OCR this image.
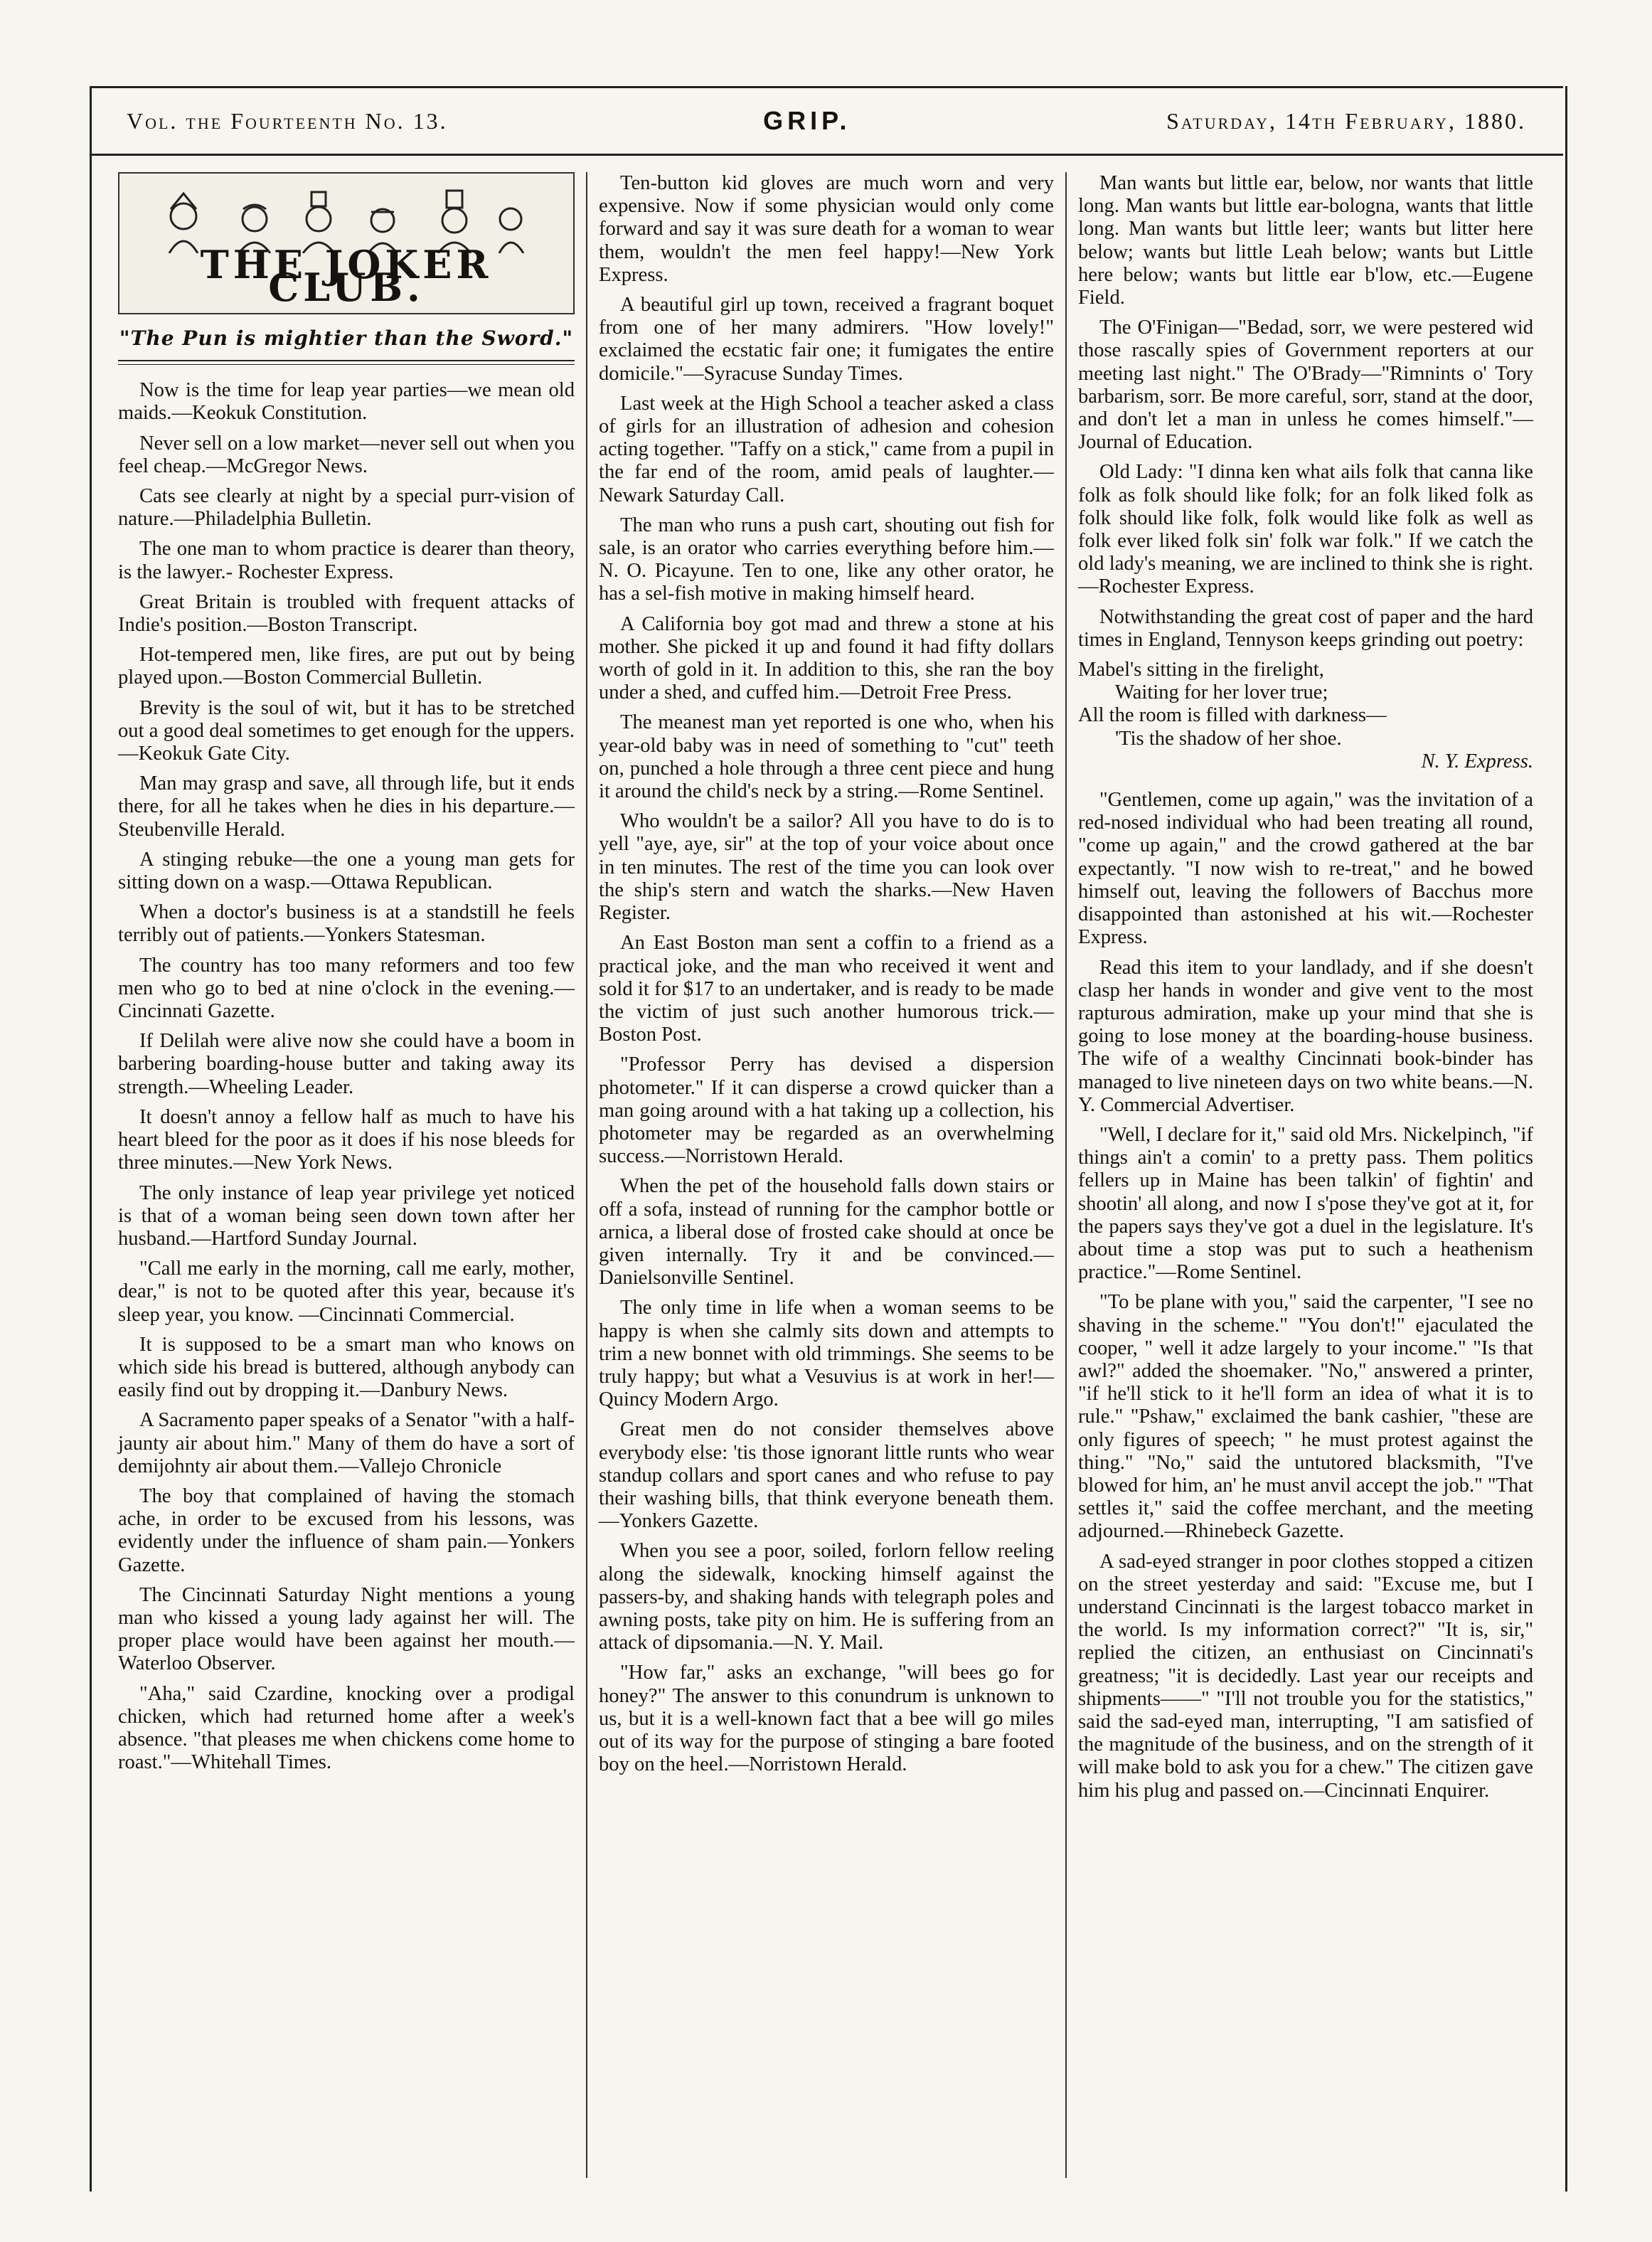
Vol. the Fourteenth No. 13.	GRIP.	Saturday, 14th February, 1880.
THE JOKER CLUB.
"The Pun is mightier than the Sword."

Now is the time for leap year parties—we mean old maids.—Keokuk Constitution.

Never sell on a low market—never sell out when you feel cheap.—McGregor News.

Cats see clearly at night by a special purr-vision of nature.—Philadelphia Bulletin.

The one man to whom practice is dearer than theory, is the lawyer.- Rochester Express.

Great Britain is troubled with frequent attacks of Indie's position.—Boston Transcript.

Hot-tempered men, like fires, are put out by being played upon.—Boston Commercial Bulletin.

Brevity is the soul of wit, but it has to be stretched out a good deal sometimes to get enough for the uppers.—Keokuk Gate City.

Man may grasp and save, all through life, but it ends there, for all he takes when he dies in his departure.—Steubenville Herald.

A stinging rebuke—the one a young man gets for sitting down on a wasp.—Ottawa Republican.

When a doctor's business is at a standstill he feels terribly out of patients.—Yonkers Statesman.

The country has too many reformers and too few men who go to bed at nine o'clock in the evening.—Cincinnati Gazette.

If Delilah were alive now she could have a boom in barbering boarding-house butter and taking away its strength.—Wheeling Leader.

It doesn't annoy a fellow half as much to have his heart bleed for the poor as it does if his nose bleeds for three minutes.—New York News.

The only instance of leap year privilege yet noticed is that of a woman being seen down town after her husband.—Hartford Sunday Journal.

"Call me early in the morning, call me early, mother, dear," is not to be quoted after this year, because it's sleep year, you know. —Cincinnati Commercial.

It is supposed to be a smart man who knows on which side his bread is buttered, although anybody can easily find out by dropping it.—Danbury News.

A Sacramento paper speaks of a Senator "with a half-jaunty air about him." Many of them do have a sort of demijohnty air about them.—Vallejo Chronicle

The boy that complained of having the stomach ache, in order to be excused from his lessons, was evidently under the influence of sham pain.—Yonkers Gazette.

The Cincinnati Saturday Night mentions a young man who kissed a young lady against her will. The proper place would have been against her mouth.— Waterloo Observer.

"Aha," said Czardine, knocking over a prodigal chicken, which had returned home after a week's absence. "that pleases me when chickens come home to roast."—Whitehall Times.

Ten-button kid gloves are much worn and very expensive. Now if some physician would only come forward and say it was sure death for a woman to wear them, wouldn't the men feel happy!—New York Express.

A beautiful girl up town, received a fragrant boquet from one of her many admirers. "How lovely!" exclaimed the ecstatic fair one; it fumigates the entire domicile."—Syracuse Sunday Times.

Last week at the High School a teacher asked a class of girls for an illustration of adhesion and cohesion acting together. "Taffy on a stick," came from a pupil in the far end of the room, amid peals of laughter.—Newark Saturday Call.

The man who runs a push cart, shouting out fish for sale, is an orator who carries everything before him.—N. O. Picayune. Ten to one, like any other orator, he has a sel-fish motive in making himself heard.

A California boy got mad and threw a stone at his mother. She picked it up and found it had fifty dollars worth of gold in it. In addition to this, she ran the boy under a shed, and cuffed him.—Detroit Free Press.

The meanest man yet reported is one who, when his year-old baby was in need of something to "cut" teeth on, punched a hole through a three cent piece and hung it around the child's neck by a string.—Rome Sentinel.

Who wouldn't be a sailor? All you have to do is to yell "aye, aye, sir" at the top of your voice about once in ten minutes. The rest of the time you can look over the ship's stern and watch the sharks.—New Haven Register.

An East Boston man sent a coffin to a friend as a practical joke, and the man who received it went and sold it for $17 to an undertaker, and is ready to be made the victim of just such another humorous trick.—Boston Post.

"Professor Perry has devised a dispersion photometer." If it can disperse a crowd quicker than a man going around with a hat taking up a collection, his photometer may be regarded as an overwhelming success.—Norristown Herald.

When the pet of the household falls down stairs or off a sofa, instead of running for the camphor bottle or arnica, a liberal dose of frosted cake should at once be given internally. Try it and be convinced.—Danielsonville Sentinel.

The only time in life when a woman seems to be happy is when she calmly sits down and attempts to trim a new bonnet with old trimmings. She seems to be truly happy; but what a Vesuvius is at work in her!—Quincy Modern Argo.

Great men do not consider themselves above everybody else: 'tis those ignorant little runts who wear standup collars and sport canes and who refuse to pay their washing bills, that think everyone beneath them.—Yonkers Gazette.

When you see a poor, soiled, forlorn fellow reeling along the sidewalk, knocking himself against the passers-by, and shaking hands with telegraph poles and awning posts, take pity on him. He is suffering from an attack of dipsomania.—N. Y. Mail.

"How far," asks an exchange, "will bees go for honey?" The answer to this conundrum is unknown to us, but it is a well-known fact that a bee will go miles out of its way for the purpose of stinging a bare footed boy on the heel.—Norristown Herald.

Man wants but little ear, below, nor wants that little long. Man wants but little ear-bologna, wants that little long. Man wants but little leer; wants but litter here below; wants but little Leah below; wants but Little here below; wants but little ear b'low, etc.—Eugene Field.

The O'Finigan—"Bedad, sorr, we were pestered wid those rascally spies of Government reporters at our meeting last night." The O'Brady—"Rimnints o' Tory barbarism, sorr. Be more careful, sorr, stand at the door, and don't let a man in unless he comes himself."—Journal of Education.

Old Lady: "I dinna ken what ails folk that canna like folk as folk should like folk; for an folk liked folk as folk should like folk, folk would like folk as well as folk ever liked folk sin' folk war folk." If we catch the old lady's meaning, we are inclined to think she is right.—Rochester Express.

Notwithstanding the great cost of paper and the hard times in England, Tennyson keeps grinding out poetry:

Mabel's sitting in the firelight,

Waiting for her lover true;

All the room is filled with darkness—

'Tis the shadow of her shoe.

N. Y. Express.

"Gentlemen, come up again," was the invitation of a red-nosed individual who had been treating all round, "come up again," and the crowd gathered at the bar expectantly. "I now wish to re-treat," and he bowed himself out, leaving the followers of Bacchus more disappointed than astonished at his wit.—Rochester Express.

Read this item to your landlady, and if she doesn't clasp her hands in wonder and give vent to the most rapturous admiration, make up your mind that she is going to lose money at the boarding-house business. The wife of a wealthy Cincinnati book-binder has managed to live nineteen days on two white beans.—N. Y. Commercial Advertiser.

"Well, I declare for it," said old Mrs. Nickelpinch, "if things ain't a comin' to a pretty pass. Them politics fellers up in Maine has been talkin' of fightin' and shootin' all along, and now I s'pose they've got at it, for the papers says they've got a duel in the legislature. It's about time a stop was put to such a heathenism practice."—Rome Sentinel.

"To be plane with you," said the carpenter, "I see no shaving in the scheme." "You don't!" ejaculated the cooper, " well it adze largely to your income." "Is that awl?" added the shoemaker. "No," answered a printer, "if he'll stick to it he'll form an idea of what it is to rule." "Pshaw," exclaimed the bank cashier, "these are only figures of speech; " he must protest against the thing." "No," said the untutored blacksmith, "I've blowed for him, an' he must anvil accept the job." "That settles it," said the coffee merchant, and the meeting adjourned.—Rhinebeck Gazette.

A sad-eyed stranger in poor clothes stopped a citizen on the street yesterday and said: "Excuse me, but I understand Cincinnati is the largest tobacco market in the world. Is my information correct?" "It is, sir," replied the citizen, an enthusiast on Cincinnati's greatness; "it is decidedly. Last year our receipts and shipments——" "I'll not trouble you for the statistics," said the sad-eyed man, interrupting, "I am satisfied of the magnitude of the business, and on the strength of it will make bold to ask you for a chew." The citizen gave him his plug and passed on.—Cincinnati Enquirer.
